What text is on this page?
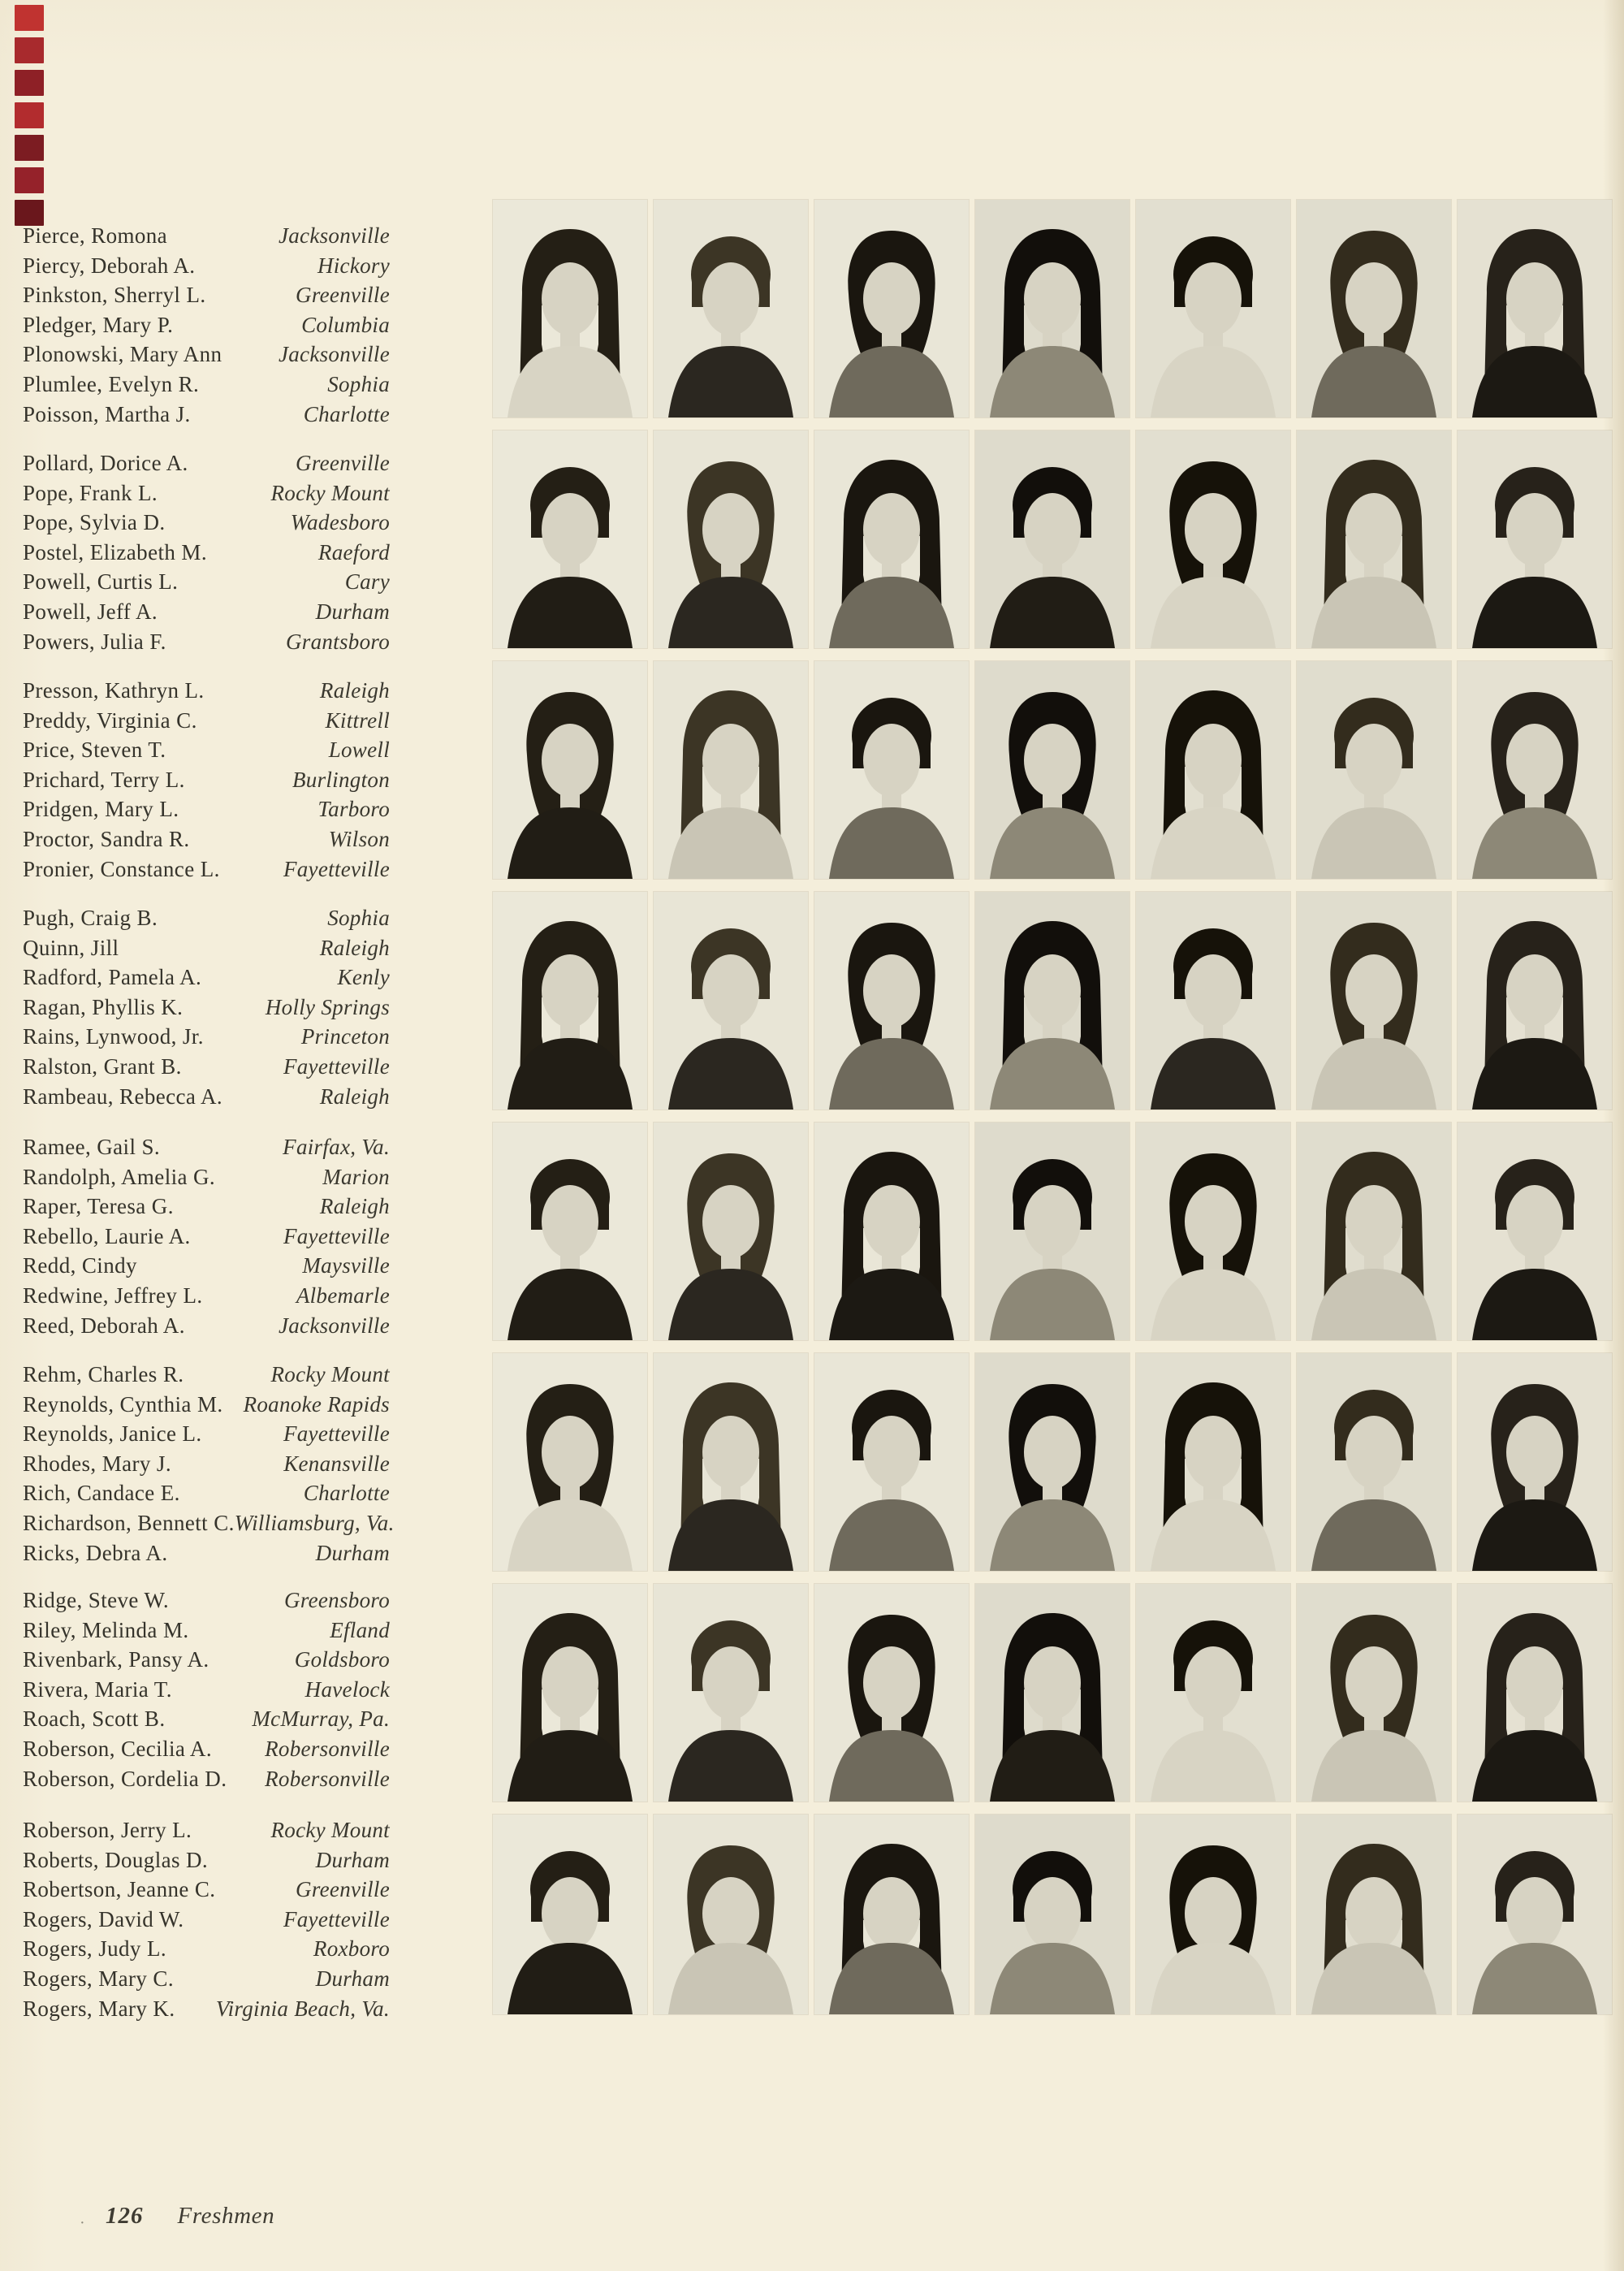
Pierce, Romona	Jacksonville
Piercy, Deborah A.	Hickory
Pinkston, Sherryl L.	Greenville
Pledger, Mary P.	Columbia
Plonowski, Mary Ann	Jacksonville
Plumlee, Evelyn R.	Sophia
Poisson, Martha J.	Charlotte
Pollard, Dorice A.	Greenville
Pope, Frank L.	Rocky Mount
Pope, Sylvia D.	Wadesboro
Postel, Elizabeth M.	Raeford
Powell, Curtis L.	Cary
Powell, Jeff A.	Durham
Powers, Julia F.	Grantsboro
Presson, Kathryn L.	Raleigh
Preddy, Virginia C.	Kittrell
Price, Steven T.	Lowell
Prichard, Terry L.	Burlington
Pridgen, Mary L.	Tarboro
Proctor, Sandra R.	Wilson
Pronier, Constance L.	Fayetteville
Pugh, Craig B.	Sophia
Quinn, Jill	Raleigh
Radford, Pamela A.	Kenly
Ragan, Phyllis K.	Holly Springs
Rains, Lynwood, Jr.	Princeton
Ralston, Grant B.	Fayetteville
Rambeau, Rebecca A.	Raleigh
Ramee, Gail S.	Fairfax, Va.
Randolph, Amelia G.	Marion
Raper, Teresa G.	Raleigh
Rebello, Laurie A.	Fayetteville
Redd, Cindy	Maysville
Redwine, Jeffrey L.	Albemarle
Reed, Deborah A.	Jacksonville
Rehm, Charles R.	Rocky Mount
Reynolds, Cynthia M. Roanoke Rapids
Reynolds, Janice L.	Fayetteville
Rhodes, Mary J.	Kenansville
Rich, Candace E.	Charlotte
Richardson, Bennett C. Williamsburg, Va.
Ricks, Debra A.	Durham
Ridge, Steve W.	Greensboro
Riley, Melinda M.	Efland
Rivenbark, Pansy A.	Goldsboro
Rivera, Maria T.	Havelock
Roach, Scott B.	McMurray, Pa.
Roberson, Cecilia A. Robersonville
Roberson, Cordelia D. Robersonville
Roberson, Jerry L.	Rocky Mount
Roberts, Douglas D.	Durham
Robertson, Jeanne C.	Greenville
Rogers, David W.	Fayetteville
Rogers, Judy L.	Roxboro
Rogers, Mary C.	Durham
Rogers, Mary K. Virginia Beach, Va.
· 126 Freshmen
